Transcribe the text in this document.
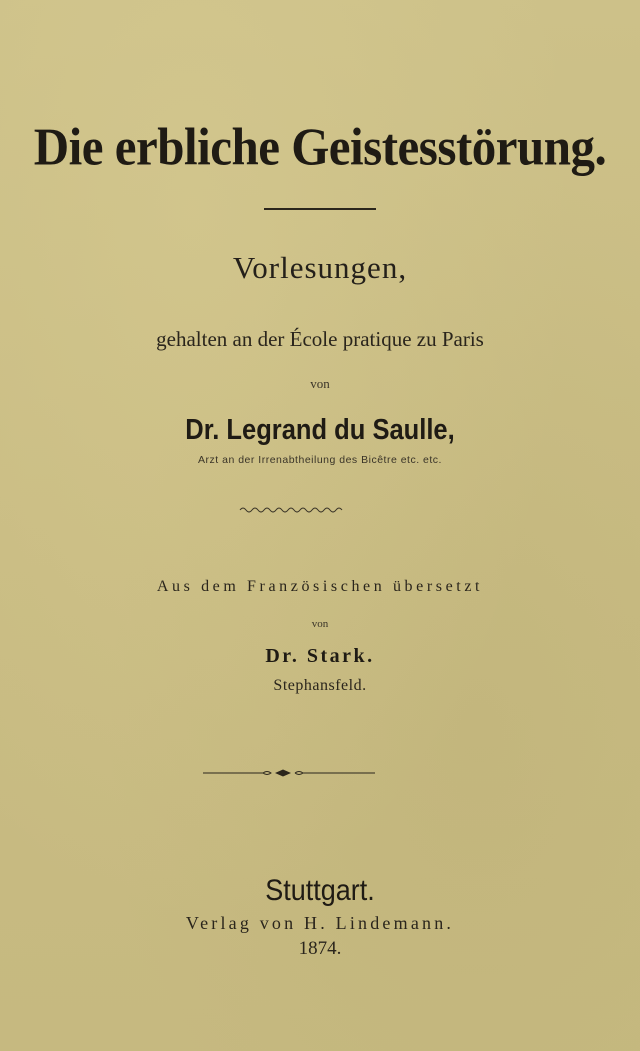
Die erbliche Geistesstörung.
Vorlesungen,
gehalten an der École pratique zu Paris
von
Dr. Legrand du Saulle,
Arzt an der Irrenabtheilung des Bicêtre etc. etc.
Aus dem Französischen übersetzt
von
Dr. Stark.
Stephansfeld.
Stuttgart.
Verlag von H. Lindemann.
1874.
